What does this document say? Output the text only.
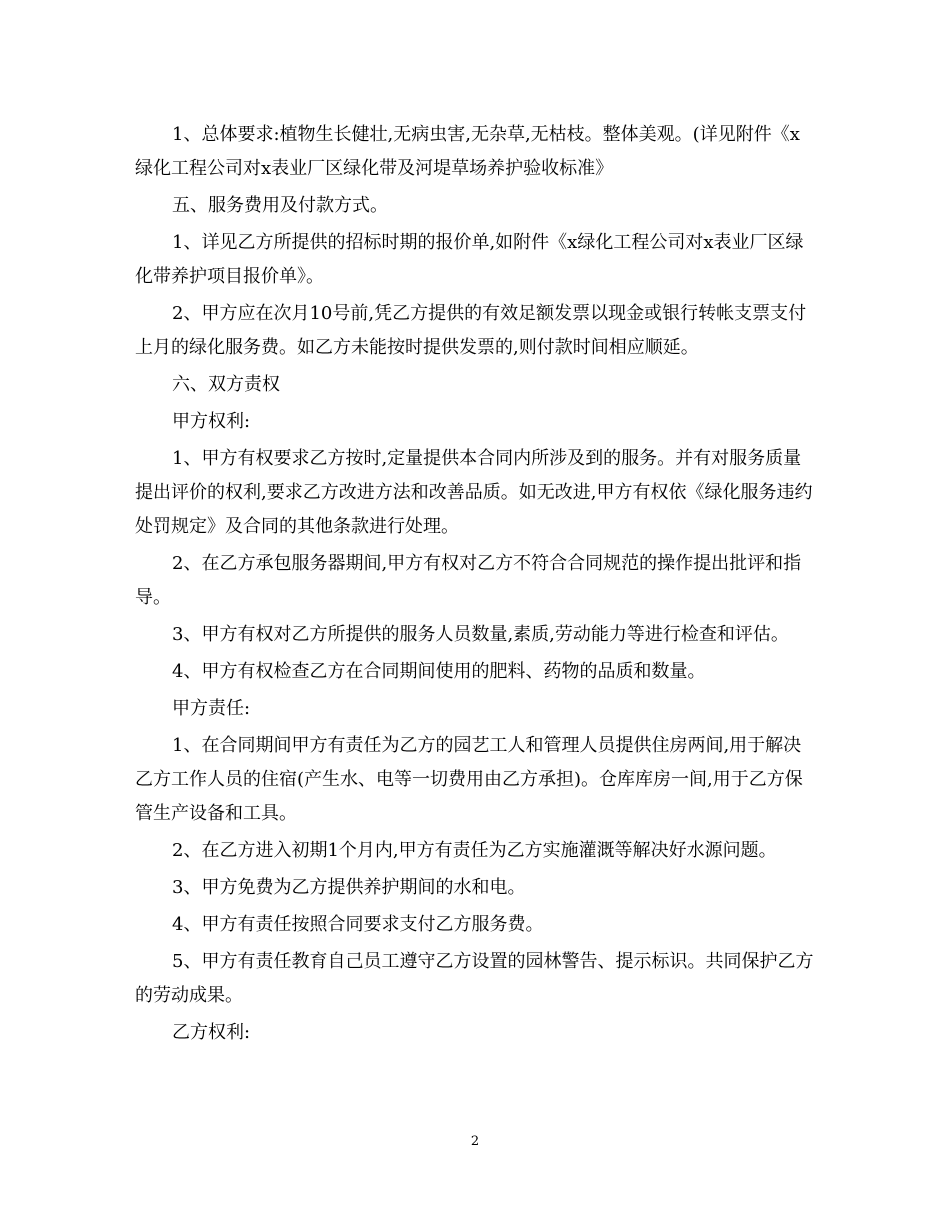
1、总体要求:植物生长健壮,无病虫害,无杂草,无枯枝。整体美观。(详见附件《x绿化工程公司对x表业厂区绿化带及河堤草场养护验收标准》

五、服务费用及付款方式。

1、详见乙方所提供的招标时期的报价单,如附件《x绿化工程公司对x表业厂区绿化带养护项目报价单》。

2、甲方应在次月10号前,凭乙方提供的有效足额发票以现金或银行转帐支票支付上月的绿化服务费。如乙方未能按时提供发票的,则付款时间相应顺延。

六、双方责权

甲方权利:

1、甲方有权要求乙方按时,定量提供本合同内所涉及到的服务。并有对服务质量提出评价的权利,要求乙方改进方法和改善品质。如无改进,甲方有权依《绿化服务违约处罚规定》及合同的其他条款进行处理。

2、在乙方承包服务器期间,甲方有权对乙方不符合合同规范的操作提出批评和指导。

3、甲方有权对乙方所提供的服务人员数量,素质,劳动能力等进行检查和评估。

4、甲方有权检查乙方在合同期间使用的肥料、药物的品质和数量。

甲方责任:

1、在合同期间甲方有责任为乙方的园艺工人和管理人员提供住房两间,用于解决乙方工作人员的住宿(产生水、电等一切费用由乙方承担)。仓库库房一间,用于乙方保管生产设备和工具。

2、在乙方进入初期1个月内,甲方有责任为乙方实施灌溉等解决好水源问题。

3、甲方免费为乙方提供养护期间的水和电。

4、甲方有责任按照合同要求支付乙方服务费。

5、甲方有责任教育自己员工遵守乙方设置的园林警告、提示标识。共同保护乙方的劳动成果。

乙方权利:

2
